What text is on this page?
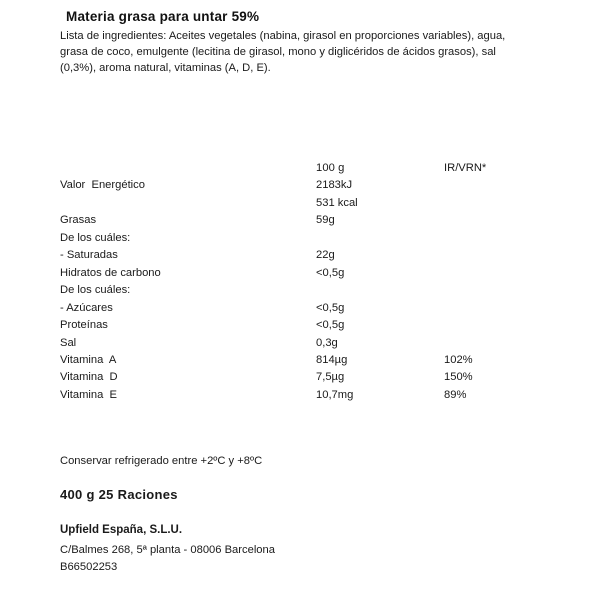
Materia grasa para untar 59%
Lista de ingredientes: Aceites vegetales (nabina, girasol en proporciones variables), agua, grasa de coco, emulgente (lecitina de girasol, mono y diglicéridos de ácidos grasos), sal (0,3%), aroma natural, vitaminas (A, D, E).
	100 g	IR/VRN*
Valor  Energético	2183kJ	
	531 kcal	
Grasas	59g	
De los cuáles:		
- Saturadas	22g	
Hidratos de carbono	<0,5g	
De los cuáles:		
- Azúcares	<0,5g	
Proteínas	<0,5g	
Sal	0,3g	
Vitamina  A	814µg	102%
Vitamina  D	7,5µg	150%
Vitamina  E	10,7mg	89%
Conservar refrigerado entre +2ºC y +8ºC
400 g 25 Raciones
Upfield España, S.L.U.
C/Balmes 268, 5ª planta - 08006 Barcelona
B66502253
